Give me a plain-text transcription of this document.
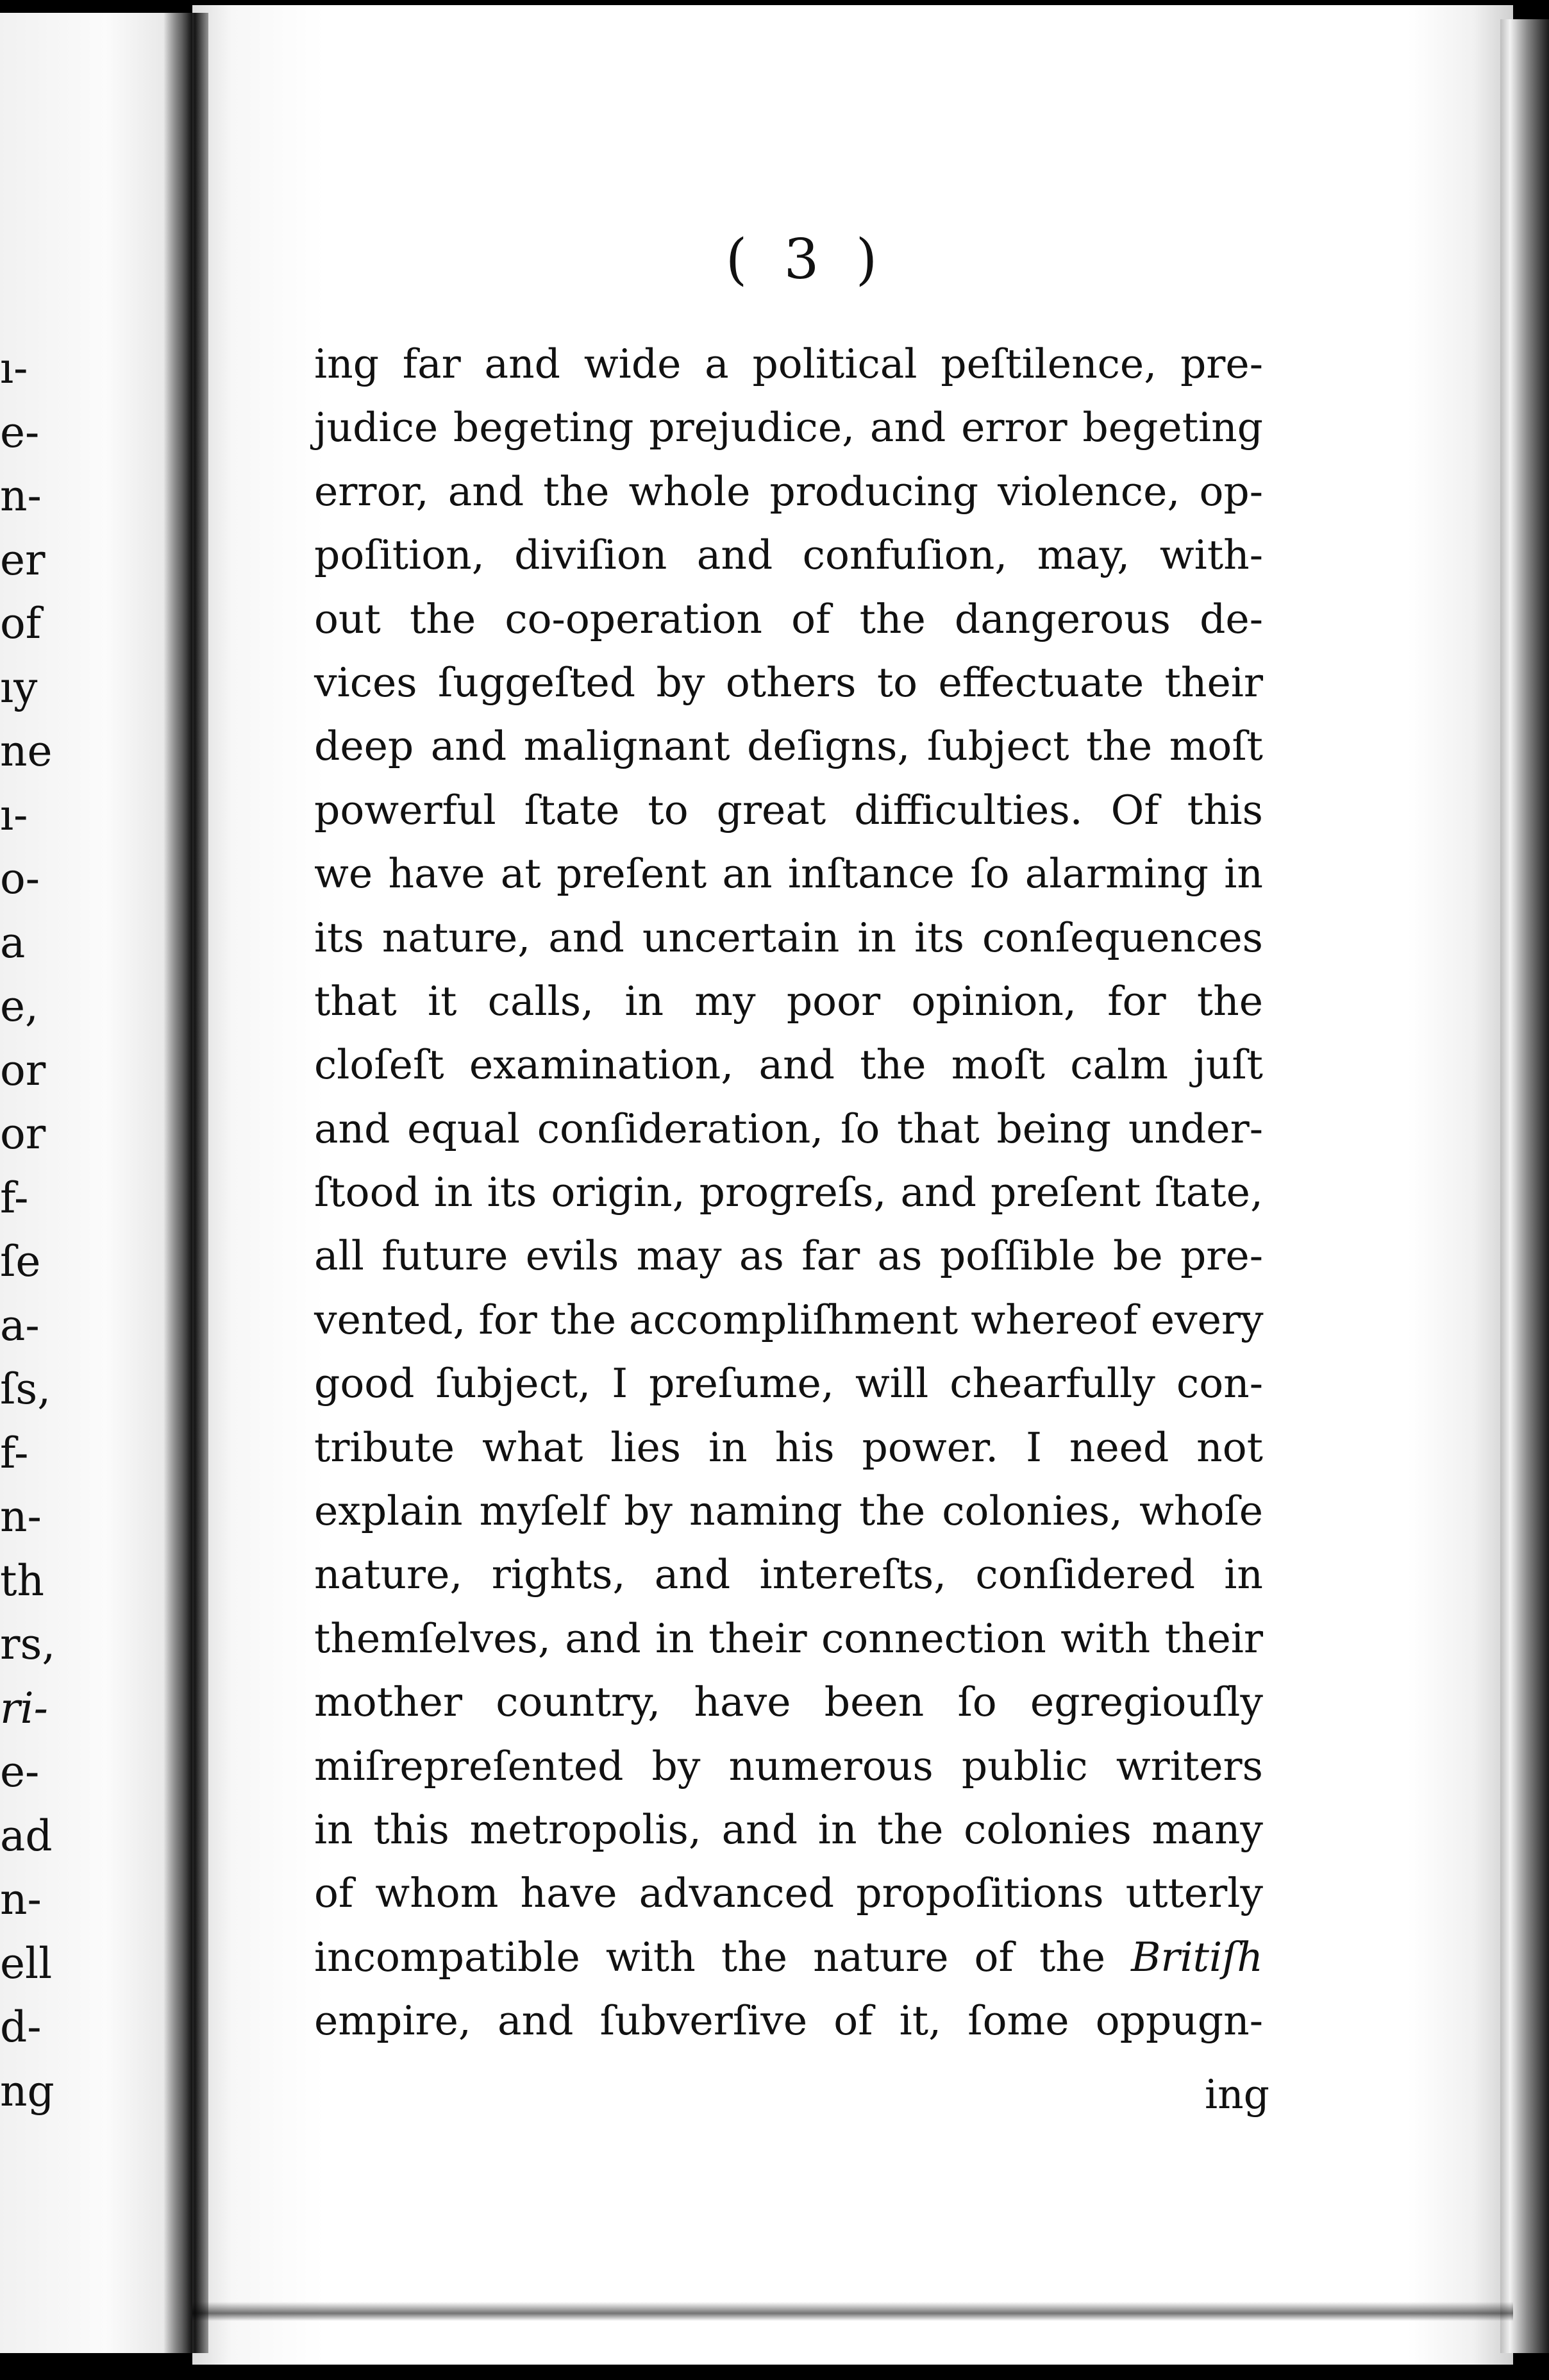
ı-
e-
n-
er
of
ıy
ne
ı-
o-
a
e,
or
or
f-
ſe
a-
ſs,
f-
n-
th
rs,
ri-
e-
ad
n-
ell
d-
ng
( 3 )
ing far and wide a political peſtilence, pre-
judice begeting prejudice, and error begeting
error, and the whole producing violence, op-
poſition, diviſion and confuſion, may, with-
out the co-operation of the dangerous de-
vices ſuggeſted by others to effectuate their
deep and malignant deſigns, ſubject the moſt
powerful ſtate to great difficulties. Of this
we have at preſent an inſtance ſo alarming in
its nature, and uncertain in its conſequences
that it calls, in my poor opinion, for the
cloſeſt examination, and the moſt calm juſt
and equal conſideration, ſo that being under-
ſtood in its origin, progreſs, and preſent ſtate,
all future evils may as far as poſſible be pre-
vented, for the accompliſhment whereof every
good ſubject, I preſume, will chearfully con-
tribute what lies in his power. I need not
explain myſelf by naming the colonies, whoſe
nature, rights, and intereſts, conſidered in
themſelves, and in their connection with their
mother country, have been ſo egregiouſly
miſrepreſented by numerous public writers
in this metropolis, and in the colonies many
of whom have advanced propoſitions utterly
incompatible with the nature of the Britiſh
empire, and ſubverſive of it, ſome oppugn-
ing
